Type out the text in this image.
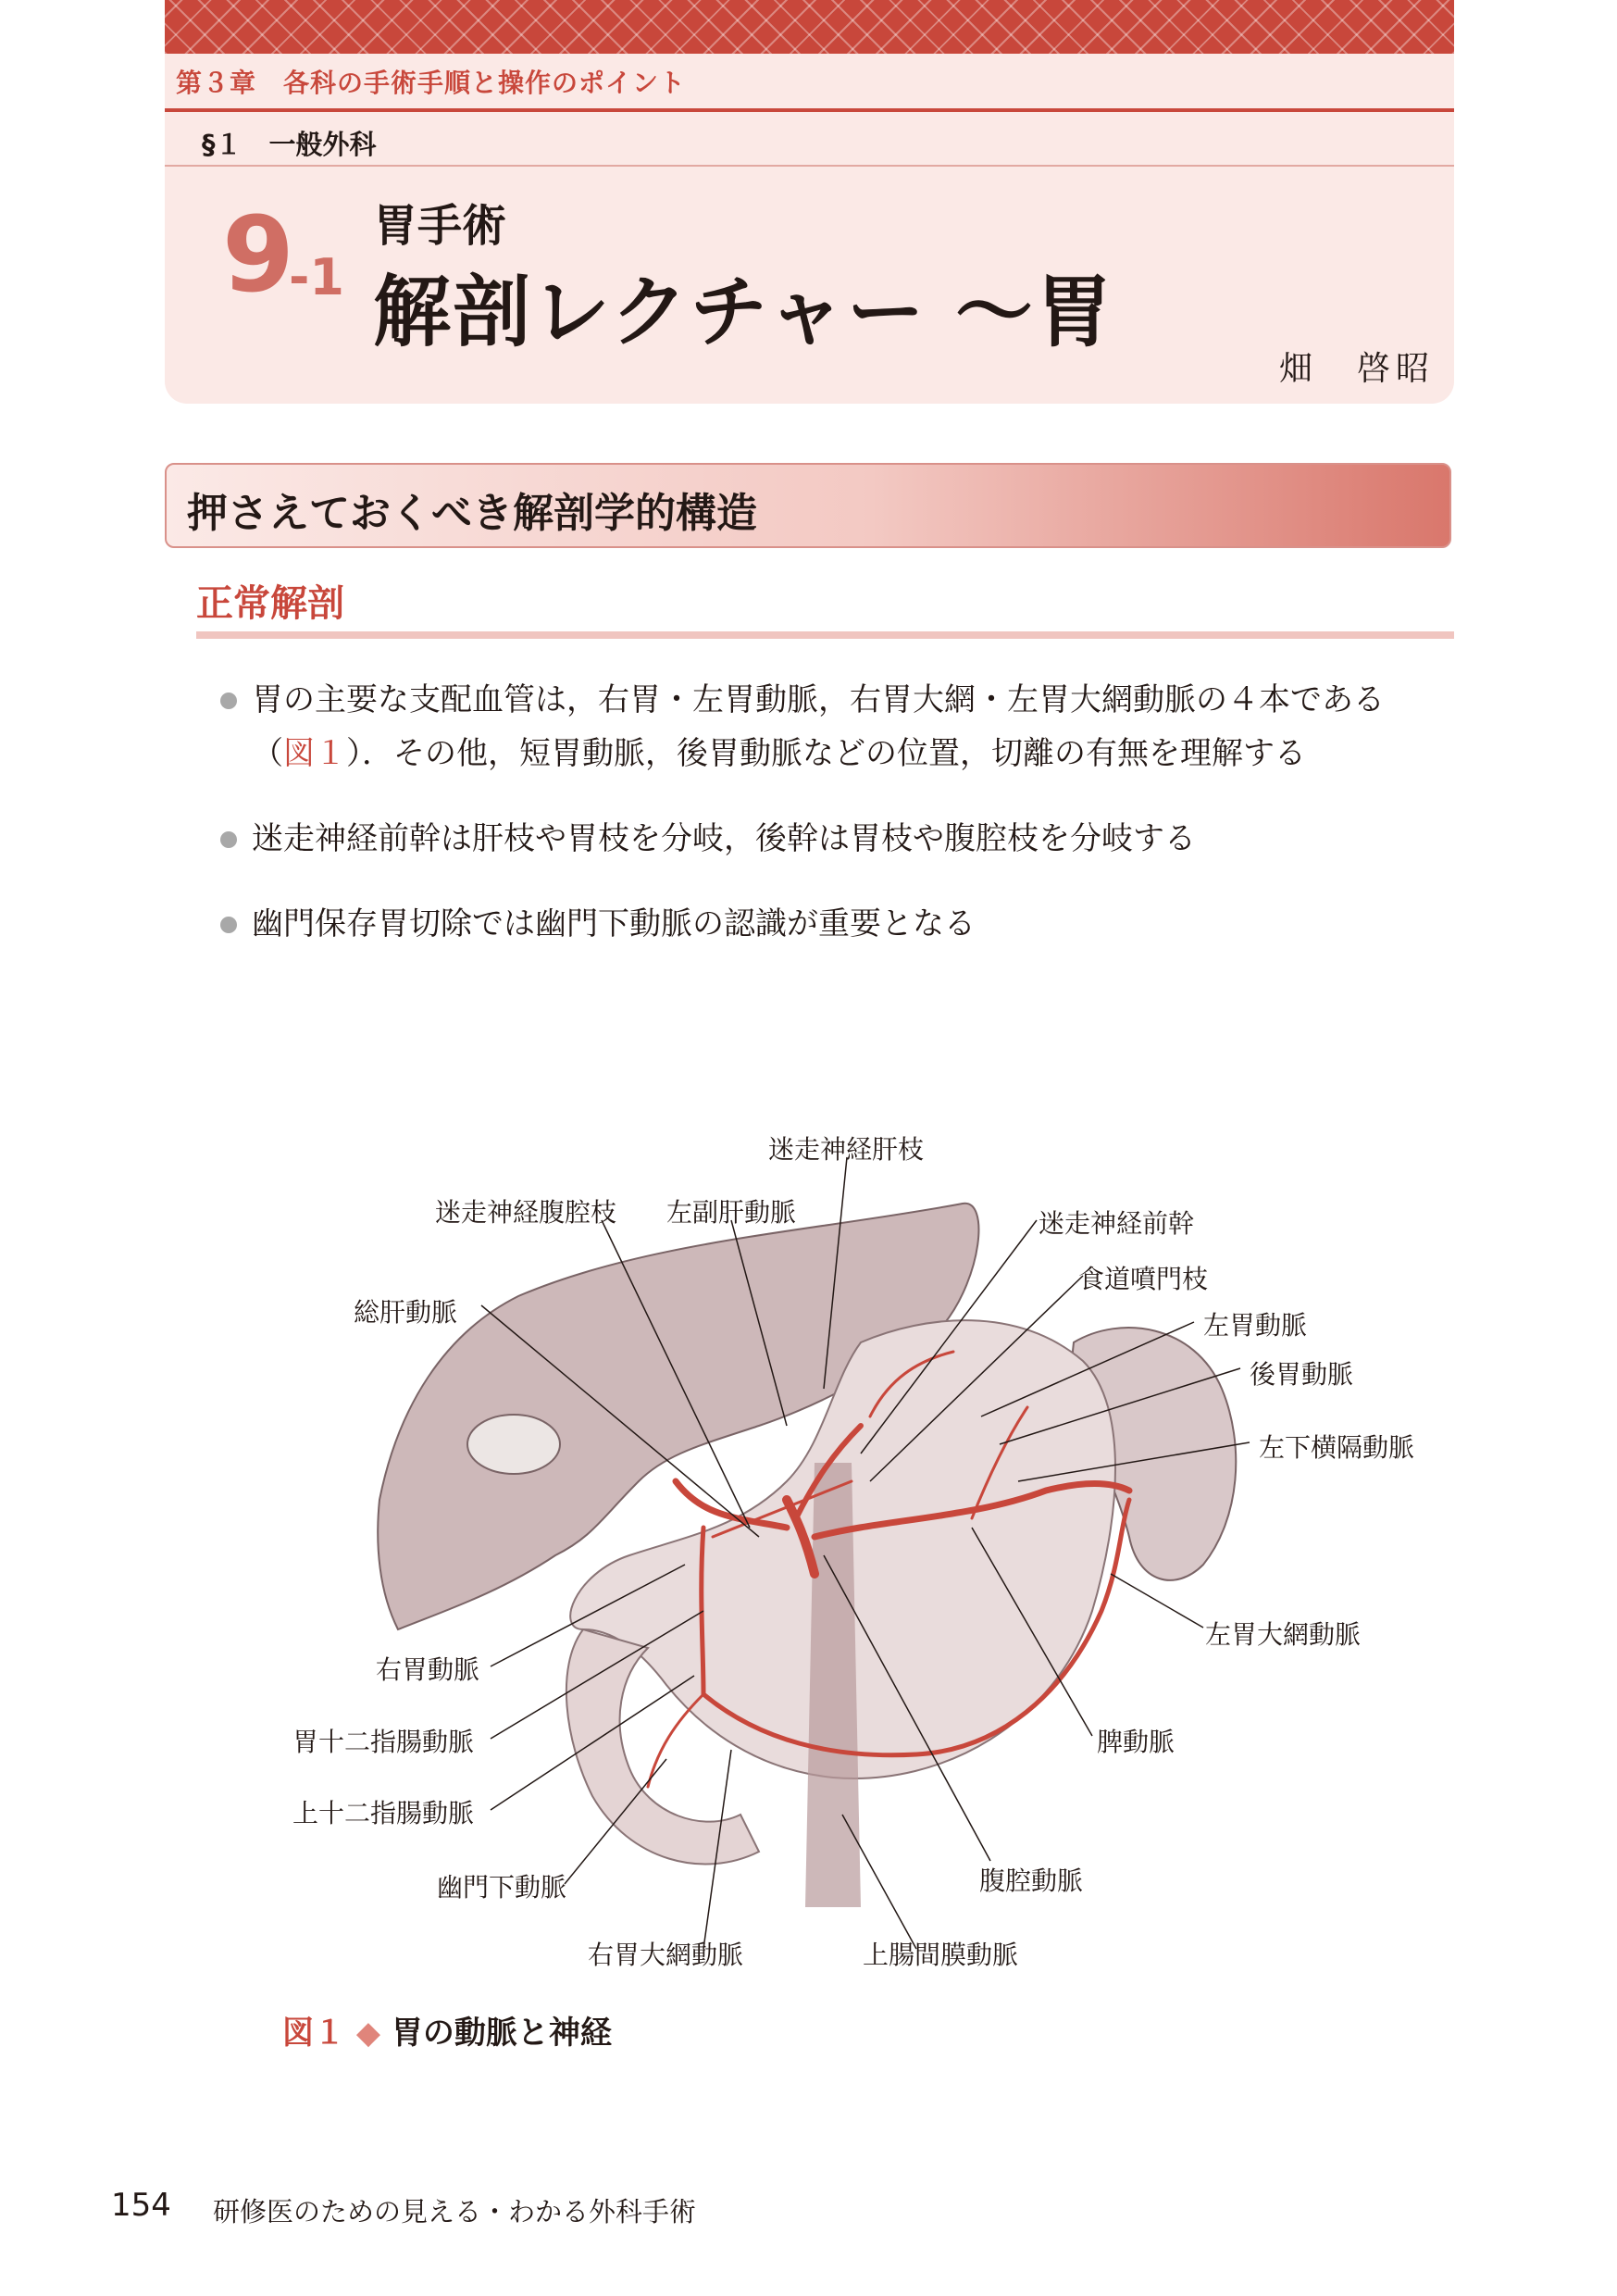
第３章　各科の手術手順と操作のポイント
§１　一般外科
9
-1
胃手術
解剖レクチャー ～胃
畑　啓昭
押さえておくべき解剖学的構造
正常解剖
胃の主要な支配血管は，右胃・左胃動脈，右胃大網・左胃大網動脈の４本である
（図１）．その他，短胃動脈，後胃動脈などの位置，切離の有無を理解する
迷走神経前幹は肝枝や胃枝を分岐，後幹は胃枝や腹腔枝を分岐する
幽門保存胃切除では幽門下動脈の認識が重要となる
迷走神経肝枝
迷走神経腹腔枝 左副肝動脈	迷走神経前幹
食道噴門枝
総肝動脈	左胃動脈
後胃動脈
左下横隔動脈
左胃大網動脈
右胃動脈
胃十二指腸動脈	脾動脈
上十二指腸動脈
幽門下動脈	腹腔動脈
右胃大網動脈	上腸間膜動脈
図１ ◆ 胃の動脈と神経
154 研修医のための見える・わかる外科手術
